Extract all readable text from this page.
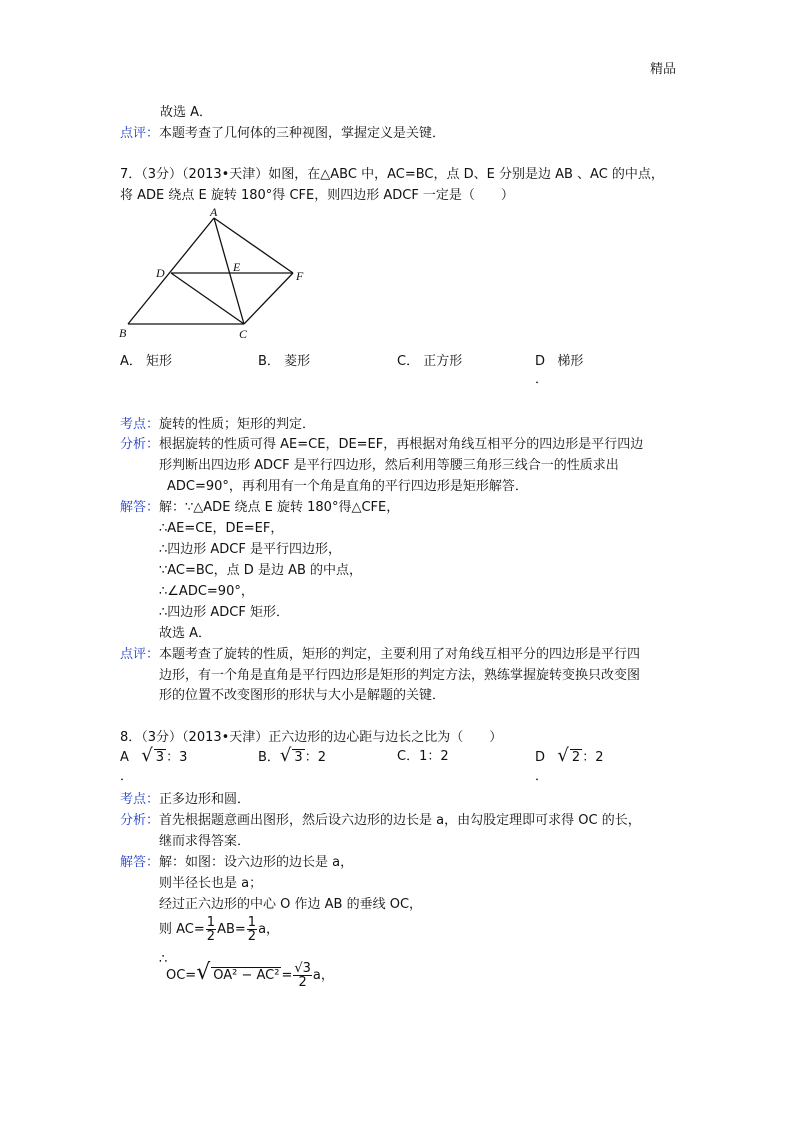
精品
故选 A．
点评：本题考查了几何体的三种视图，掌握定义是关键．
7．（3分）（2013•天津）如图，在△ABC 中，AC=BC，点 D、E 分别是边 AB 、AC 的中点，
将 ADE 绕点 E 旋转 180°得 CFE，则四边形 ADCF 一定是（　　）
A
B	C
D	E
F
A． 矩形	B． 菱形	C． 正方形	D 梯形
．
考点：旋转的性质；矩形的判定．
分析：根据旋转的性质可得 AE=CE，DE=EF，再根据对角线互相平分的四边形是平行四边
形判断出四边形 ADCF 是平行四边形，然后利用等腰三角形三线合一的性质求出
ADC=90°，再利用有一个角是直角的平行四边形是矩形解答．
解答：解：∵△ADE 绕点 E 旋转 180°得△CFE，
∴AE=CE，DE=EF，
∴四边形 ADCF 是平行四边形，
∵AC=BC，点 D 是边 AB 的中点，
∴∠ADC=90°，
∴四边形 ADCF 矩形．
故选 A．
点评：本题考查了旋转的性质，矩形的判定，主要利用了对角线互相平分的四边形是平行四
边形，有一个角是直角是平行四边形是矩形的判定方法，熟练掌握旋转变换只改变图
形的位置不改变图形的形状与大小是解题的关键．
8．（3分）（2013•天津）正六边形的边心距与边长之比为（　　）
A √ 3 ：3
．
B．√ 3 ：2	C．1：2	D √ 2 ：2
．
考点：正多边形和圆．
分析：首先根据题意画出图形，然后设六边形的边长是 a，由勾股定理即可求得 OC 的长，
继而求得答案．
解答：解：如图：设六边形的边长是 a，
则半径长也是 a；
经过正六边形的中心 O 作边 AB 的垂线 OC，
则 $AC= \frac{1}{2} AB= \frac{1}{2}$ a，
∴
OC=√ $OA^2 - AC^2 = \frac{√3}{2}$ a，
